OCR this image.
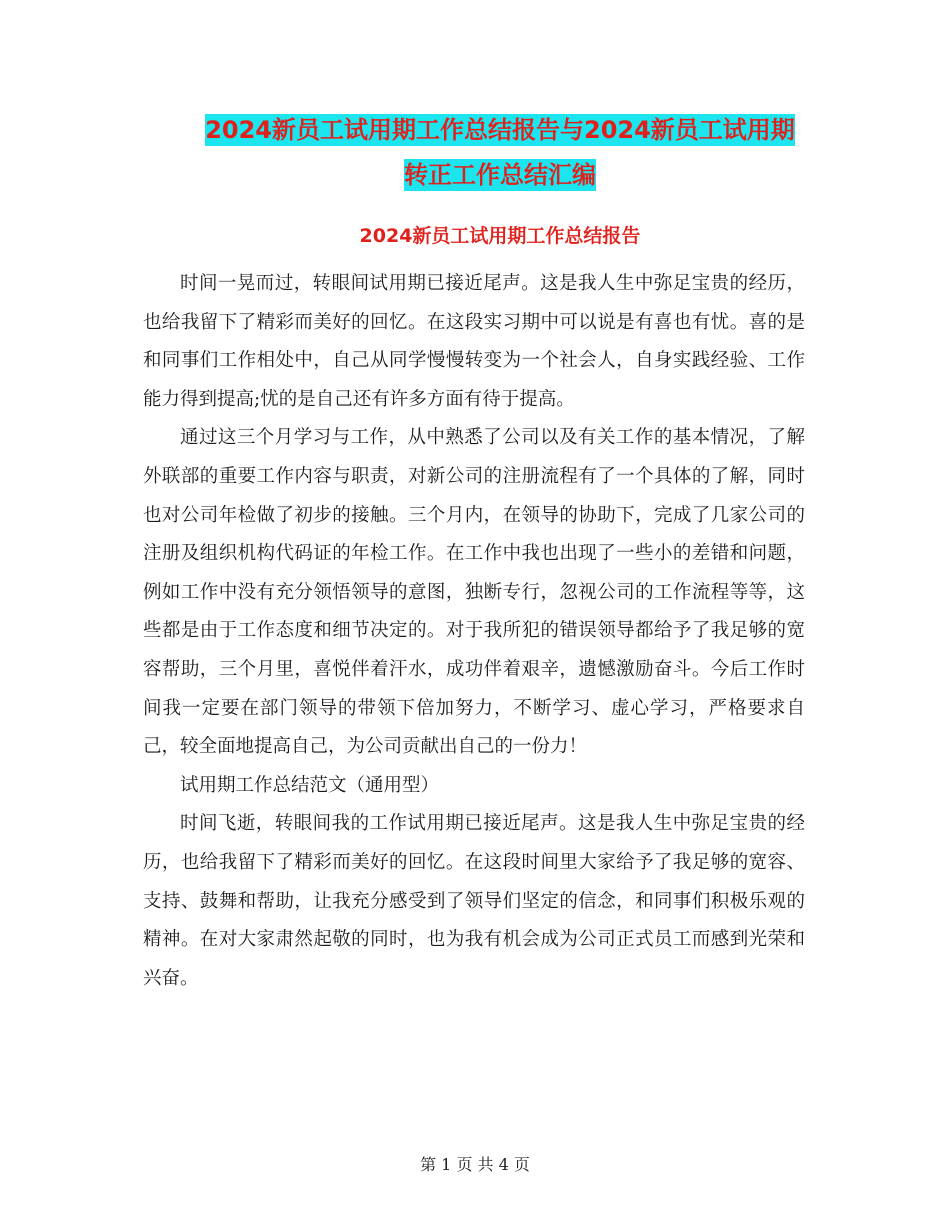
2024新员工试用期工作总结报告与2024新员工试用期
转正工作总结汇编
2024新员工试用期工作总结报告

时间一晃而过，转眼间试用期已接近尾声。这是我人生中弥足宝贵的经历，也给我留下了精彩而美好的回忆。在这段实习期中可以说是有喜也有忧。喜的是和同事们工作相处中，自己从同学慢慢转变为一个社会人，自身实践经验、工作能力得到提高;忧的是自己还有许多方面有待于提高。

通过这三个月学习与工作，从中熟悉了公司以及有关工作的基本情况，了解外联部的重要工作内容与职责，对新公司的注册流程有了一个具体的了解，同时也对公司年检做了初步的接触。三个月内，在领导的协助下，完成了几家公司的注册及组织机构代码证的年检工作。在工作中我也出现了一些小的差错和问题，例如工作中没有充分领悟领导的意图，独断专行，忽视公司的工作流程等等，这些都是由于工作态度和细节决定的。对于我所犯的错误领导都给予了我足够的宽容帮助，三个月里，喜悦伴着汗水，成功伴着艰辛，遗憾激励奋斗。今后工作时间我一定要在部门领导的带领下倍加努力，不断学习、虚心学习，严格要求自己，较全面地提高自己，为公司贡献出自己的一份力！

试用期工作总结范文（通用型）

时间飞逝，转眼间我的工作试用期已接近尾声。这是我人生中弥足宝贵的经历，也给我留下了精彩而美好的回忆。在这段时间里大家给予了我足够的宽容、支持、鼓舞和帮助，让我充分感受到了领导们坚定的信念，和同事们积极乐观的精神。在对大家肃然起敬的同时，也为我有机会成为公司正式员工而感到光荣和兴奋。

第 1 页 共 4 页
